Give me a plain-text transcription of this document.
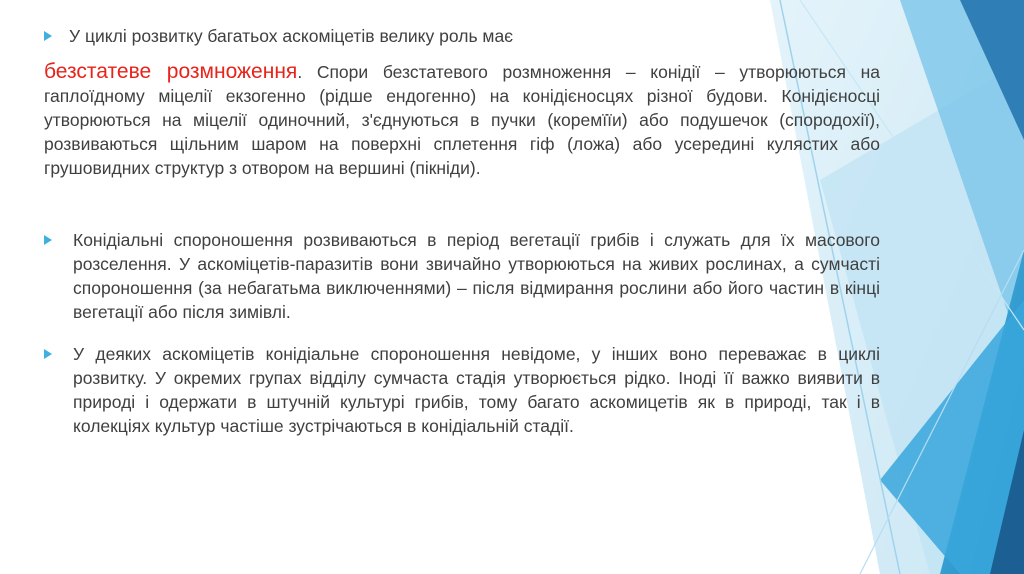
У циклі розвитку багатьох аскоміцетів велику роль має
безстатеве розмноження. Спори безстатевого розмноження – конідії – утворюються на гаплоїдному міцелії екзогенно (рідше ендогенно) на конідієносцях різної будови. Конідієносці утворюються на міцелії одиночний, з'єднуються в пучки (коремїїи) або подушечок (спородохії), розвиваються щільним шаром на поверхні сплетення гіф (ложа) або усередині кулястих або грушовидних структур з отвором на вершині (пікніди).
Конідіальні спороношення розвиваються в період вегетації грибів і служать для їх масового розселення. У аскоміцетів-паразитів вони звичайно утворюються на живих рослинах, а сумчасті спороношення (за небагатьма виключеннями) – після відмирання рослини або його частин в кінці вегетації або після зимівлі.
У деяких аскоміцетів конідіальне спороношення невідоме, у інших воно переважає в циклі розвитку. У окремих групах відділу сумчаста стадія утворюється рідко. Іноді її важко виявити в природі і одержати в штучній культурі грибів, тому багато аскомицетів як в природі, так і в колекціях культур частіше зустрічаються в конідіальній стадії.
